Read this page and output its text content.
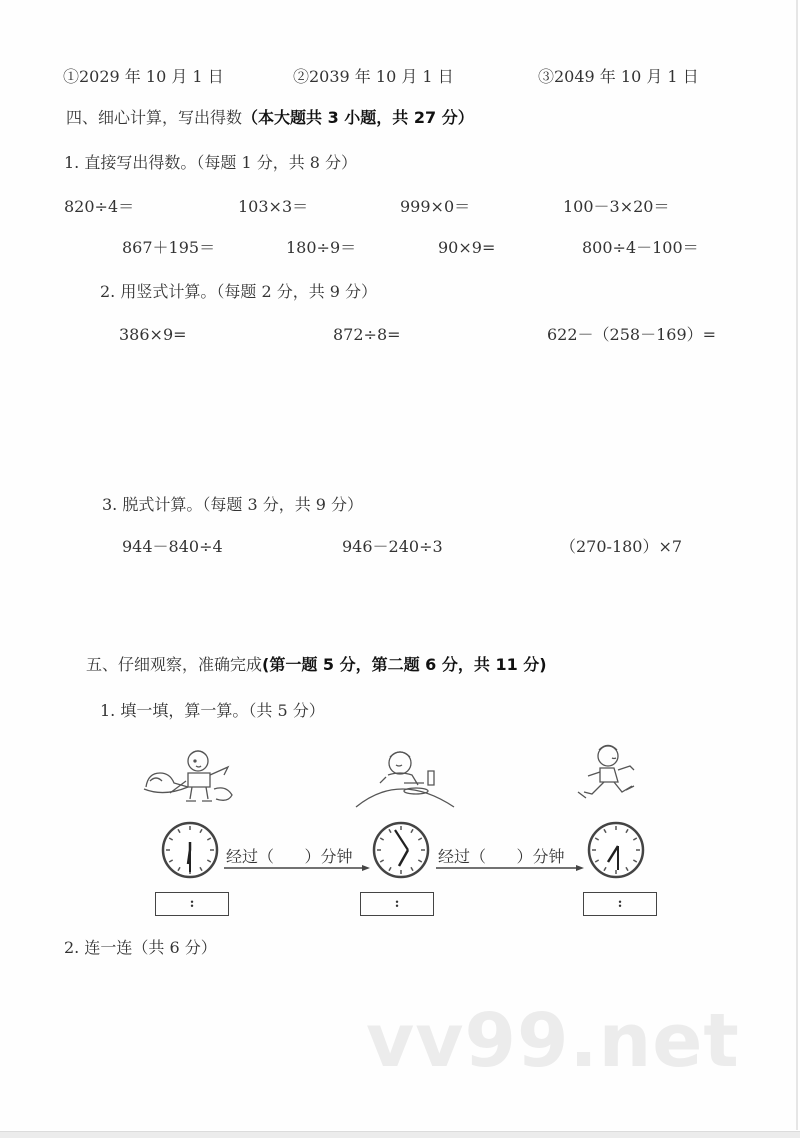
①2029 年 10 月 1 日	②2039 年 10 月 1 日	③2049 年 10 月 1 日
四、细心计算，写出得数（本大题共 3 小题，共 27 分）
1. 直接写出得数。（每题 1 分，共 8 分）
820÷4＝	103×3＝	999×0＝	100－3×20＝
867＋195＝	180÷9＝	90×9=	800÷4－100＝
2. 用竖式计算。（每题 2 分，共 9 分）
386×9=	872÷8=	622－（258－169）=
3. 脱式计算。（每题 3 分，共 9 分）
944－840÷4	946－240÷3	（270-180）×7
五、仔细观察，准确完成(第一题 5 分，第二题 6 分，共 11 分)
1. 填一填，算一算。（共 5 分）
经过（      ）分钟	经过（      ）分钟
:	:	:
2. 连一连（共 6 分）
vv99.net
